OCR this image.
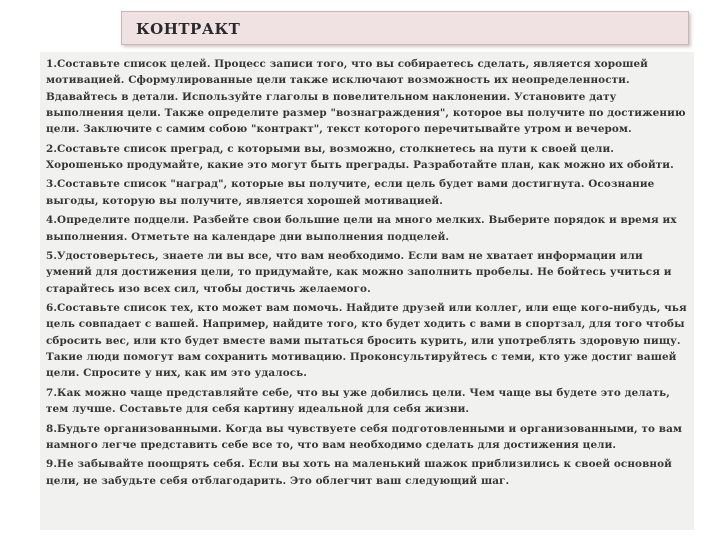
КОНТРАКТ

1.Составьте список целей. Процесс записи того, что вы собираетесь сделать, является хорошей мотивацией. Сформулированные цели также исключают возможность их неопределенности. Вдавайтесь в детали. Используйте глаголы в повелительном наклонении. Установите дату выполнения цели. Также определите размер "вознаграждения", которое вы получите по достижению цели. Заключите с самим собою "контракт", текст которого перечитывайте утром и вечером.

2.Составьте список преград, с которыми вы, возможно, столкнетесь на пути к своей цели. Хорошенько продумайте, какие это могут быть преграды. Разработайте план, как можно их обойти.

3.Составьте список "наград", которые вы получите, если цель будет вами достигнута. Осознание выгоды, которую вы получите, является хорошей мотивацией.

4.Определите подцели. Разбейте свои большие цели на много мелких. Выберите порядок и время их выполнения. Отметьте на календаре дни выполнения подцелей.

5.Удостоверьтесь, знаете ли вы все, что вам необходимо. Если вам не хватает информации или умений для достижения цели, то придумайте, как можно заполнить пробелы. Не бойтесь учиться и старайтесь изо всех сил, чтобы достичь желаемого.

6.Составьте список тех, кто может вам помочь. Найдите друзей или коллег, или еще кого-нибудь, чья цель совпадает с вашей. Например, найдите того, кто будет ходить с вами в спортзал, для того чтобы сбросить вес, или кто будет вместе вами пытаться бросить курить, или употреблять здоровую пищу. Такие люди помогут вам сохранить мотивацию. Проконсультируйтесь с теми, кто уже достиг вашей цели. Спросите у них, как им это удалось.

7.Как можно чаще представляйте себе, что вы уже добились цели. Чем чаще вы будете это делать, тем лучше. Составьте для себя картину идеальной для себя жизни.

8.Будьте организованными. Когда вы чувствуете себя подготовленными и организованными, то вам намного легче представить себе все то, что вам необходимо сделать для достижения цели.

9.Не забывайте поощрять себя. Если вы хоть на маленький шажок приблизились к своей основной цели, не забудьте себя отблагодарить. Это облегчит ваш следующий шаг.
